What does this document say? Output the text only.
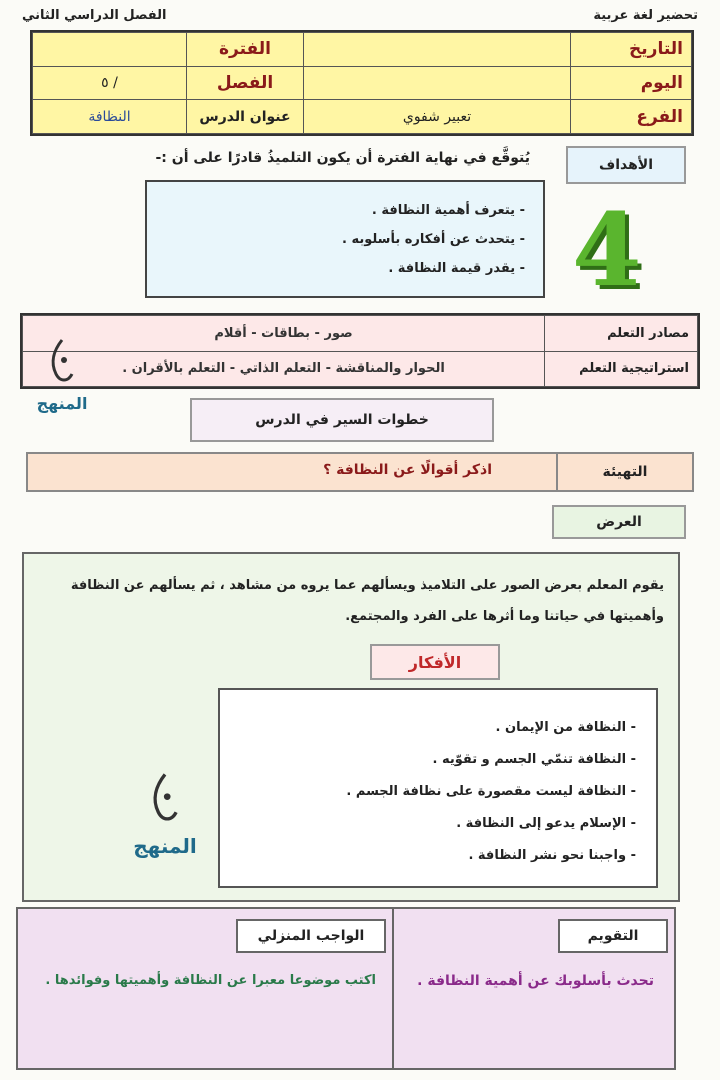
تحضير لغة عربية
الفصل الدراسي الثاني
التاريخ		الفترة	
اليوم		الفصل	/ ٥
الفرع	تعبير شفوي	عنوان الدرس	النظافة
الأهداف
يُتوقَّع في نهاية الفترة أن يكون التلميذُ قادرًا على أن :-
- يتعرف أهمية النظافة .
- يتحدث عن أفكاره بأسلوبه .
- يقدر قيمة النظافة . 4
مصادر التعلم	صور - بطاقات - أقلام
استراتيجية التعلم	الحوار والمناقشة - التعلم الذاتي - التعلم بالأقران .
المنهج
خطوات السير في الدرس
التهيئة
اذكر أقوالًا عن النظافة ؟
العرض
يقوم المعلم بعرض الصور على التلاميذ ويسألهم عما يروه من مشاهد ، ثم يسألهم عن النظافة وأهميتها في حياتنا وما أثرها على الفرد والمجتمع.
الأفكار
- النظافة من الإيمان .
- النظافة تنمّي الجسم و تقوّيه .
- النظافة ليست مقصورة على نظافة الجسم .
- الإسلام يدعو إلى النظافة .
- واجبنا نحو نشر النظافة .
المنهج
التقويم
تحدث بأسلوبك عن أهمية النظافة .
الواجب المنزلي
اكتب موضوعا معبرا عن النظافة وأهميتها وفوائدها .
